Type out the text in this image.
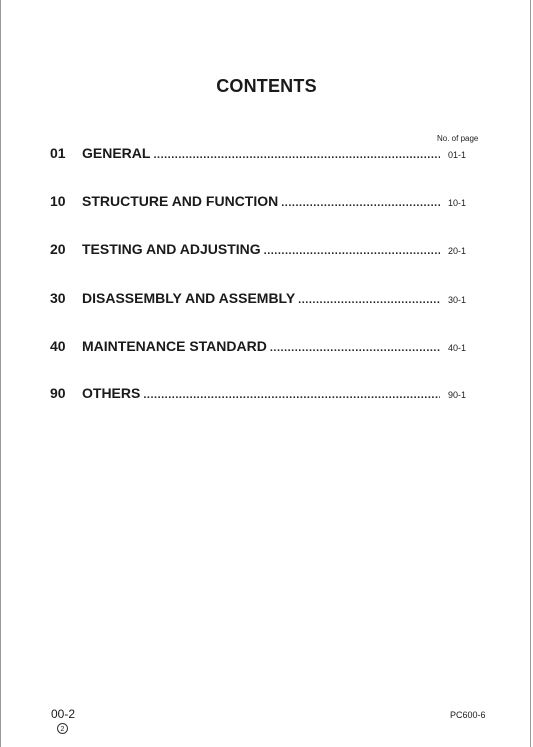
CONTENTS
No. of page
01	GENERAL .....	01-1
10	STRUCTURE AND FUNCTION .....	10-1
20	TESTING AND ADJUSTING .....	20-1
30	DISASSEMBLY AND ASSEMBLY .....	30-1
40	MAINTENANCE STANDARD .....	40-1
90	OTHERS .....	90-1
00-2
2
PC600-6
